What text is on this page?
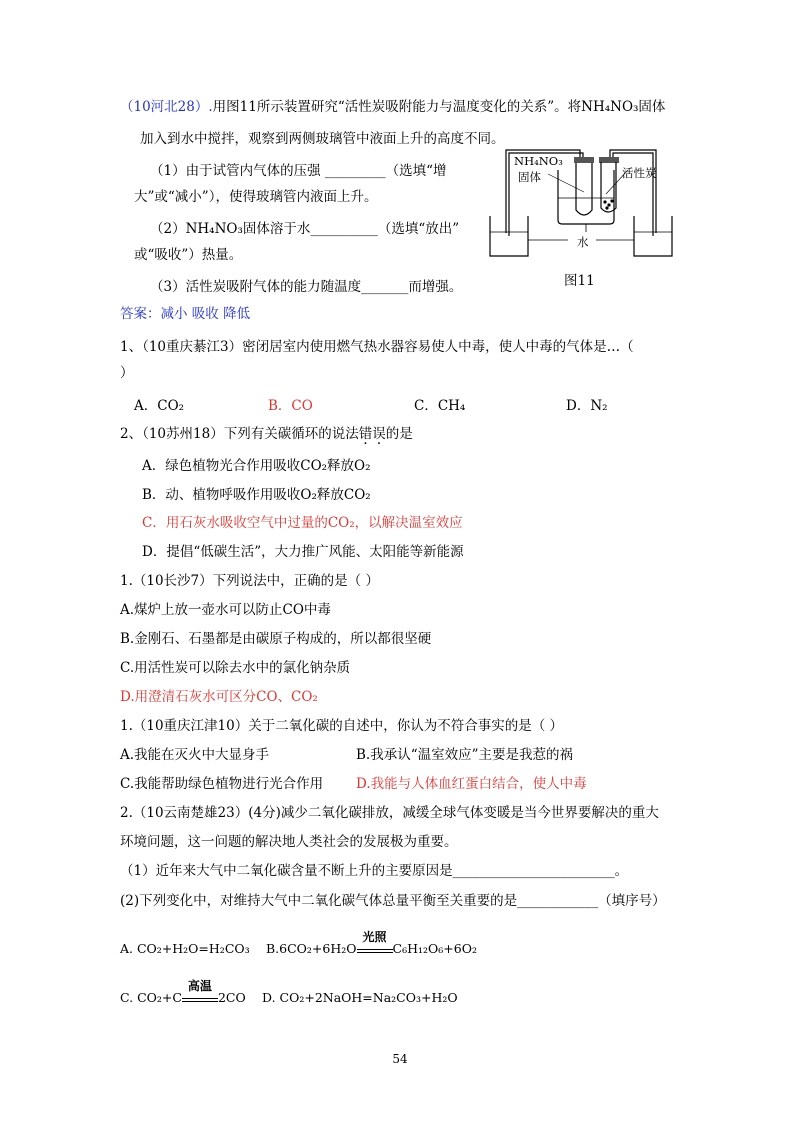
（10河北28）.用图11所示装置研究“活性炭吸附能力与温度变化的关系”。将NH₄NO₃固体
加入到水中搅拌，观察到两侧玻璃管中液面上升的高度不同。
（1）由于试管内气体的压强 _________（选填“增
大”或“减小”），使得玻璃管内液面上升。
（2）NH₄NO₃固体溶于水__________（选填“放出”
或“吸收”）热量。
（3）活性炭吸附气体的能力随温度_______而增强。
NH₄NO₃
固体	活性炭
水
图11
答案：减小 吸收 降低
1、（10重庆綦江3）密闭居室内使用燃气热水器容易使人中毒，使人中毒的气体是…（
）
A．CO₂	B．CO	C．CH₄	D．N₂
2、（10苏州18）下列有关碳循环的说法错误的是
A．绿色植物光合作用吸收CO₂释放O₂
B．动、植物呼吸作用吸收O₂释放CO₂
C．用石灰水吸收空气中过量的CO₂，以解决温室效应
D．提倡“低碳生活”，大力推广风能、太阳能等新能源
1.（10长沙7）下列说法中，正确的是（ ）
A.煤炉上放一壶水可以防止CO中毒
B.金刚石、石墨都是由碳原子构成的，所以都很坚硬
C.用活性炭可以除去水中的氯化钠杂质
D.用澄清石灰水可区分CO、CO₂
1.（10重庆江津10）关于二氧化碳的自述中，你认为不符合事实的是（ ）
A.我能在灭火中大显身手	B.我承认“温室效应”主要是我惹的祸
C.我能帮助绿色植物进行光合作用 D.我能与人体血红蛋白结合，使人中毒
2.（10云南楚雄23）(4分)减少二氧化碳排放，减缓全球气体变暖是当今世界要解决的重大
环境问题，这一问题的解决地人类社会的发展极为重要。
（1）近年来大气中二氧化碳含量不断上升的主要原因是________________________。
(2)下列变化中，对维持大气中二氧化碳气体总量平衡至关重要的是____________（填序号）
A. CO₂+H₂O=H₂CO₃ B.6CO₂+6H₂O
光照
C₆H₁₂O₆+6O₂
C. CO₂+C
高温
2CO D. CO₂+2NaOH=Na₂CO₃+H₂O
54
